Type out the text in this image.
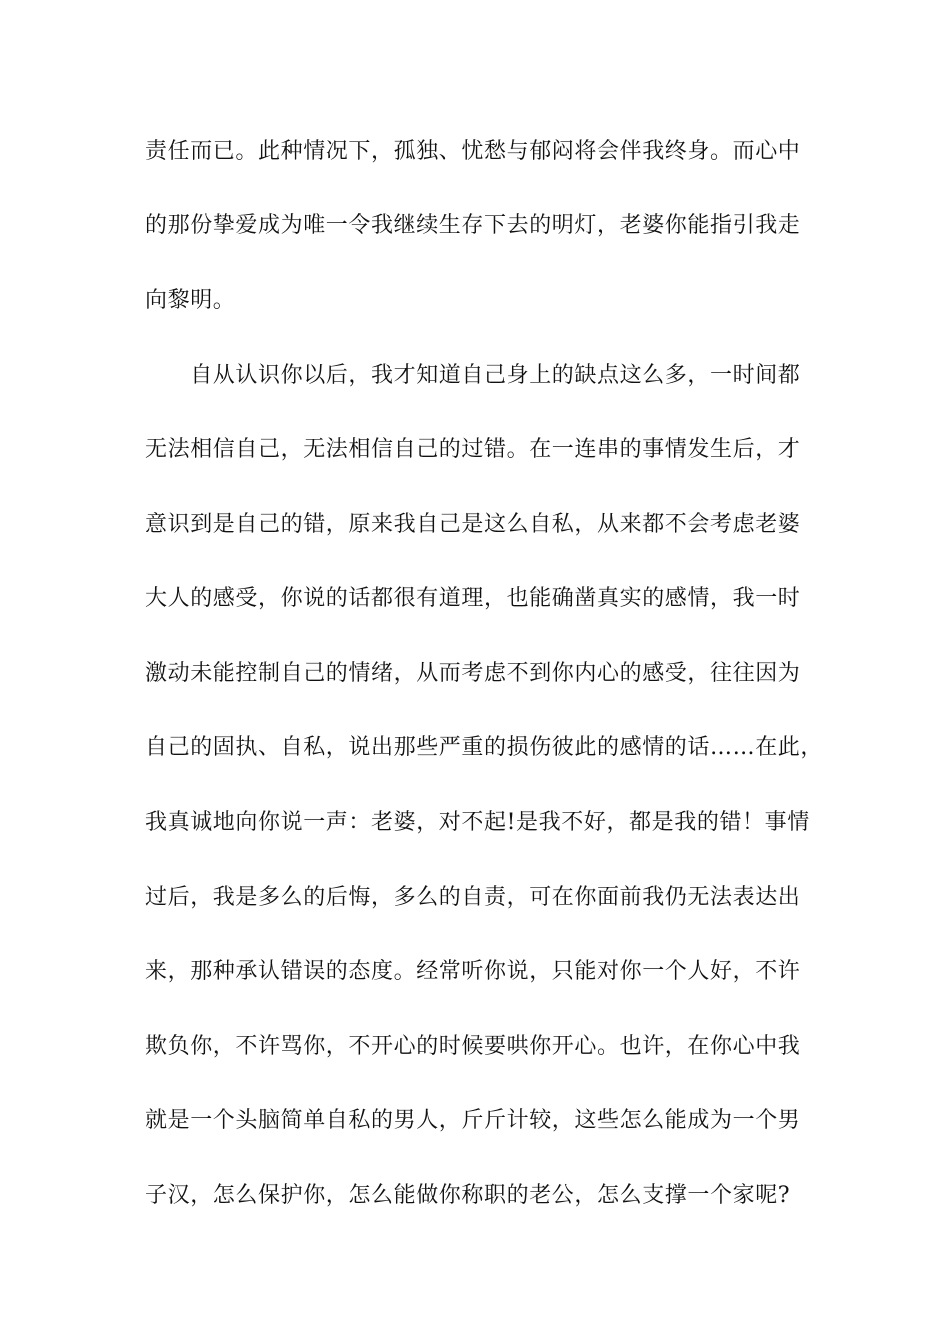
责任而已。此种情况下，孤独、忧愁与郁闷将会伴我终身。而心中
的那份挚爱成为唯一令我继续生存下去的明灯，老婆你能指引我走
向黎明。
　　自从认识你以后，我才知道自己身上的缺点这么多，一时间都
无法相信自己，无法相信自己的过错。在一连串的事情发生后，才
意识到是自己的错，原来我自己是这么自私，从来都不会考虑老婆
大人的感受，你说的话都很有道理，也能确凿真实的感情，我一时
激动未能控制自己的情绪，从而考虑不到你内心的感受，往往因为
自己的固执、自私，说出那些严重的损伤彼此的感情的话……在此，
我真诚地向你说一声：老婆，对不起!是我不好，都是我的错！事情
过后，我是多么的后悔，多么的自责，可在你面前我仍无法表达出
来，那种承认错误的态度。经常听你说，只能对你一个人好，不许
欺负你，不许骂你，不开心的时候要哄你开心。也许，在你心中我
就是一个头脑简单自私的男人，斤斤计较，这些怎么能成为一个男
子汉，怎么保护你，怎么能做你称职的老公，怎么支撑一个家呢?
